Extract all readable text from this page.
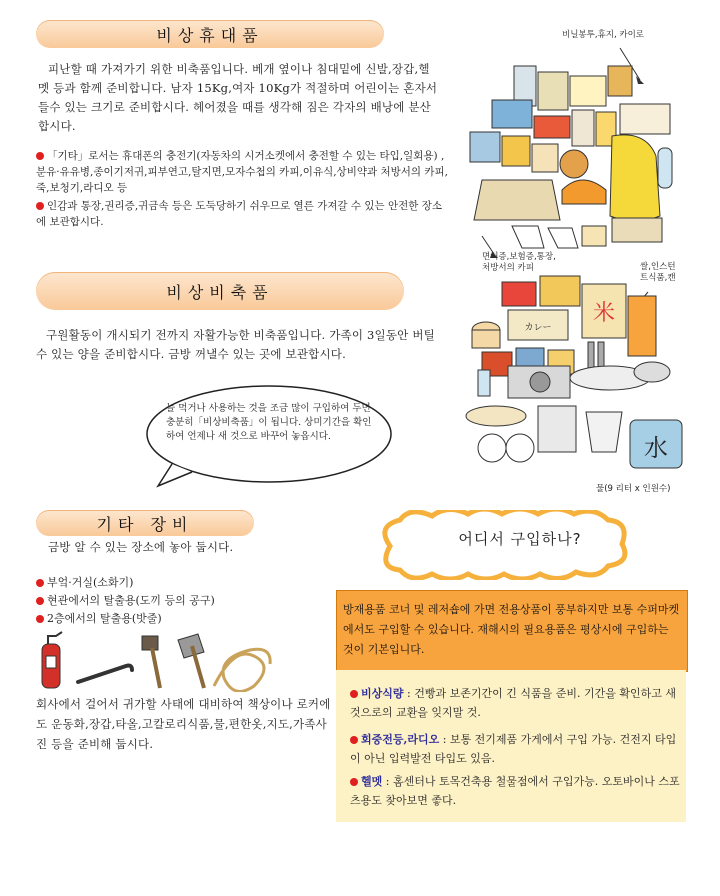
비상휴대품
피난할 때 가져가기 위한 비축품입니다. 베개 옆이나 침대밑에 신발,장갑,헬멧 등과 함께 준비합니다. 남자 15Kg,여자 10Kg가 적절하며 어린이는 혼자서 들수 있는 크기로 준비합시다. 헤어졌을 때를 생각해 짐은 각자의 배낭에 분산합시다.
「기타」로서는 휴대폰의 충전기(자동차의 시거소켓에서 충전할 수 있는 타입,일회용) ,분유·유유병,종이기저귀,피부연고,탈지면,모자수첩의 카피,이유식,상비약과 처방서의 카피,죽,보청기,라디오 등
인감과 통장,권리증,귀금속 등은 도둑당하기 쉬우므로 열른 가져갈 수 있는 안전한 장소에 보관합시다.
비닐봉투,휴지, 카이로
면허증,보험증,통장,
처방서의 카피
비상비축품
구원활동이 개시되기 전까지 자활가능한 비축품입니다. 가족이 3일동안 버틸 수 있는 양을 준비합시다. 금방 꺼낼수 있는 곳에 보관합시다.
늘 먹거나 사용하는 것을 조금 많이 구입하여 두면 충분히「비상비축품」이 됩니다. 상미기간을 확인하여 언제나 새 것으로 바꾸어 놓읍시다.
쌀,인스턴
트식품,캔
米
カレー
水
물(9 리터 x 인원수)
기타 장비
금방 알 수 있는 장소에 놓아 둡시다.
부엌·거실(소화기)
현관에서의 탈출용(도끼 등의 공구)
2층에서의 탈출용(밧줄)
회사에서 걸어서 귀가할 사태에 대비하여 책상이나 로커에도 운동화,장갑,타올,고칼로리식품,물,편한옷,지도,가족사진 등을 준비해 둡시다.
어디서 구입하나?
방재용품 코너 및 레저숍에 가면 전용상품이 풍부하지만 보통 수퍼마켓에서도 구입할 수 있습니다. 재해시의 필요용품은 평상시에 구입하는 것이 기본입니다.
비상식량 : 건빵과 보존기간이 긴 식품을 준비. 기간을 확인하고 새것으로의 교환을 잊지말 것.
회중전등,라디오 : 보통 전기제품 가게에서 구입 가능. 건전지 타입이 아닌 입력발전 타입도 있음.
헬멧 : 홈센터나 토목건축용 철물점에서 구입가능. 오토바이나 스포츠용도 찾아보면 좋다.
